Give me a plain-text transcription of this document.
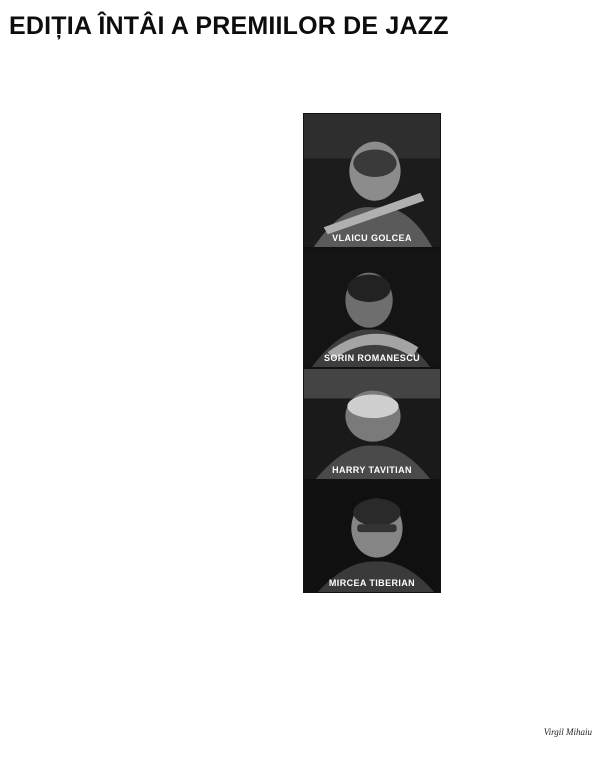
EDIȚIA ÎNTÂI A PREMIILOR DE JAZZ

VLAICU GOLCEA
SORIN ROMANESCU
HARRY TAVITIAN
MIRCEA TIBERIAN

Virgil Mihaiu
